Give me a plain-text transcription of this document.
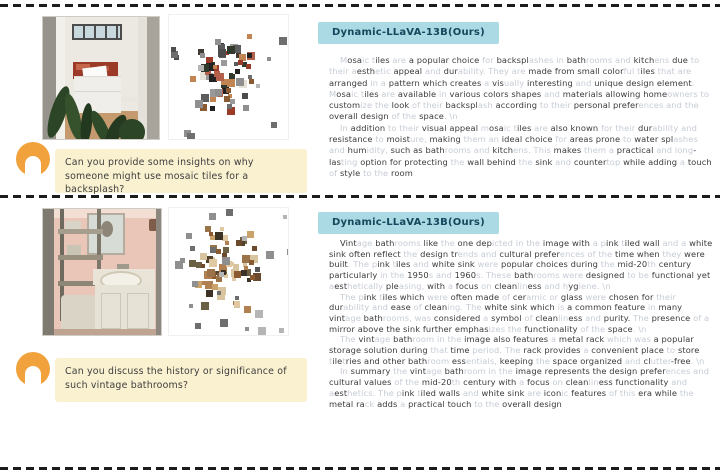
Can you provide some insights on why someone might use mosaic tiles for a backsplash?
Dynamic-LLaVA-13B(Ours)

Mosaic tiles are a popular choice for backsplashes in bathrooms and kitchens due to their aesthetic appeal and durability. They are made from small colorful tiles that are arranged in a pattern which creates a visually interesting and unique design element. Mosaic tiles are available in various colors shapes and materials allowing homeowners to customize the look of their backsplash according to their personal preferences and the overall design of the space. \n

In addition to their visual appeal mosaic tiles are also known for their durability and resistance to moisture, making them an ideal choice for areas prone to water splashes and humidity, such as bathrooms and kitchens. This makes them a practical and long-lasting option for protecting the wall behind the sink and countertop while adding a touch of style to the room

Can you discuss the history or significance of such vintage bathrooms?
Dynamic-LLaVA-13B(Ours)

Vintage bathrooms like the one depicted in the image with a pink tiled wall and a white sink often reflect the design trends and cultural preferences of the time when they were built. The pink tiles and white sink were popular choices during the mid-20th century particularly in the 1950s and 1960s. These bathrooms were designed to be functional yet aesthetically pleasing, with a focus on cleanliness and hygiene. \n

The pink tiles which were often made of ceramic or glass were chosen for their durability and ease of cleaning. The white sink which is a common feature in many vintage bathrooms, was considered a symbol of cleanliness and purity. The presence of a mirror above the sink further emphasizes the functionality of the space. \n

The vintage bathroom in the image also features a metal rack which was a popular storage solution during that time period. The rack provides a convenient place to store tiletries and other bathroom essentials, keeping the space organized and clutter-free. \n

In summary the vintage bathroom in the image represents the design preferences and cultural values of the mid-20th century with a focus on cleanliness functionality and aesthetics. The pink tiled walls and white sink are iconic features of this era while the metal rack adds a practical touch to the overall design
